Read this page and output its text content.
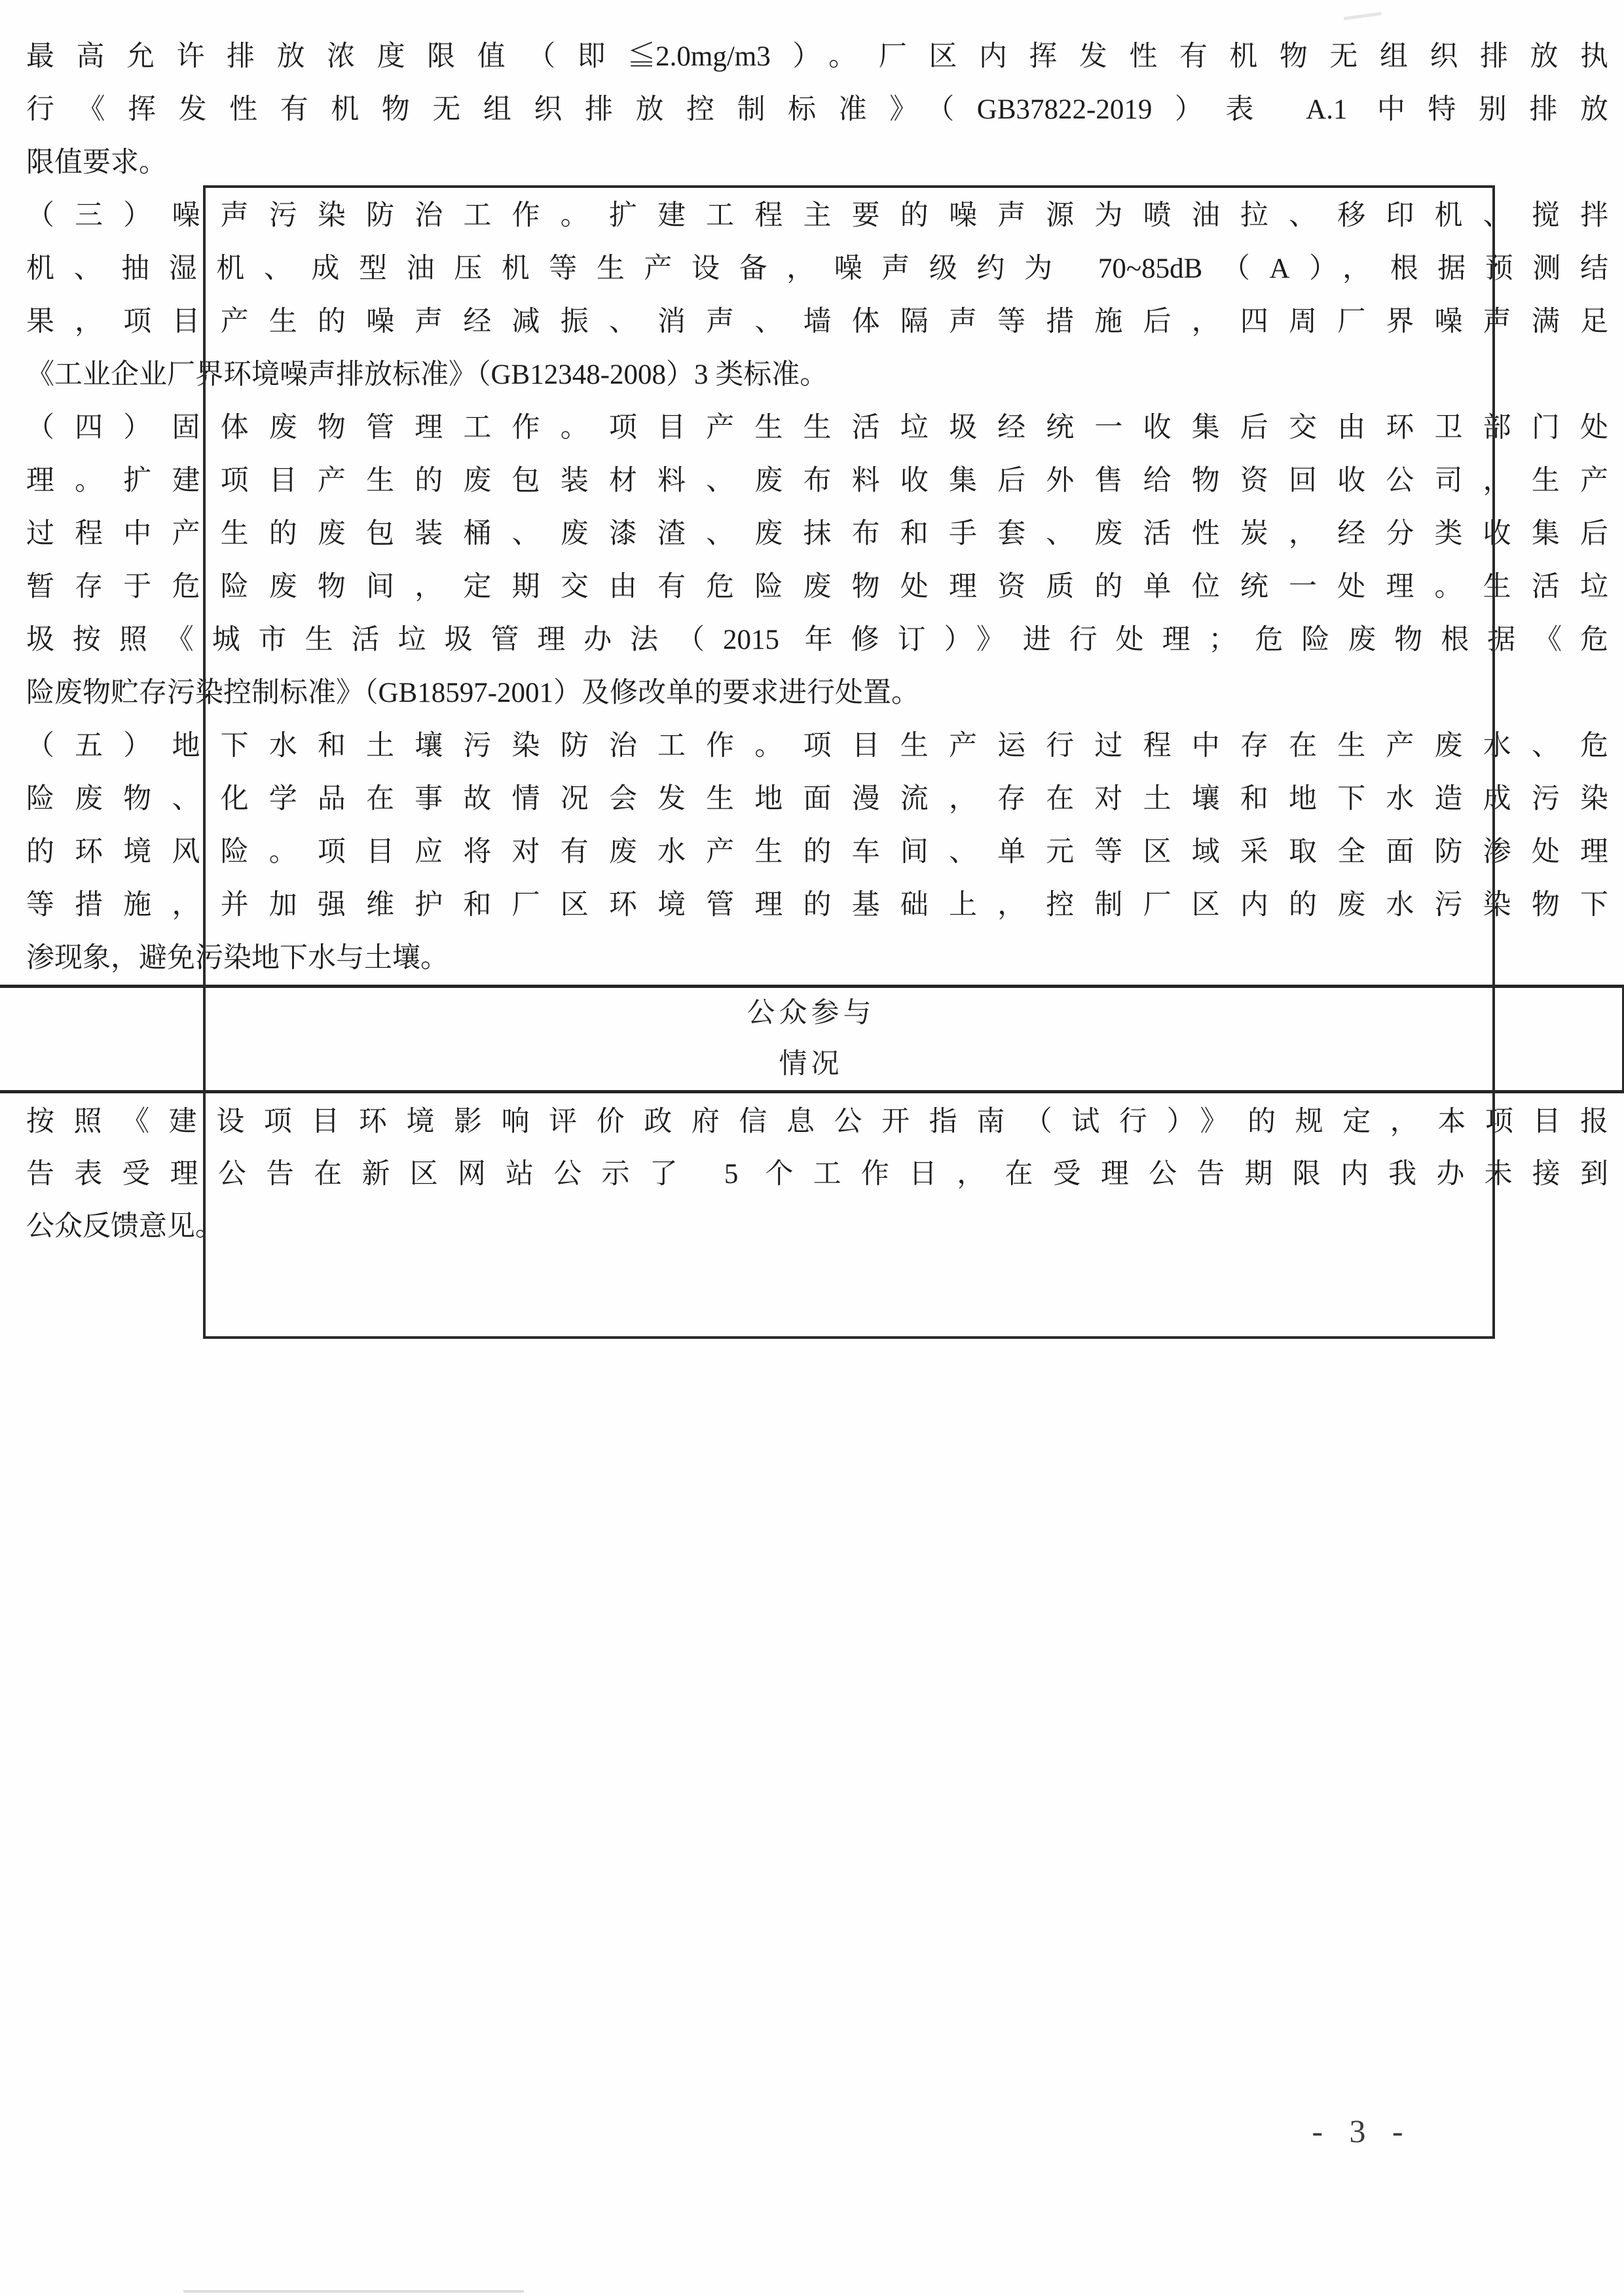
最高允许排放浓度限值（即≦2.0mg/m3）。厂区内挥发性有机物无组织排放执
行《挥发性有机物无组织排放控制标准》（GB37822-2019）表 A.1 中特别排放
限值要求。
（三）噪声污染防治工作。扩建工程主要的噪声源为喷油拉、移印机、搅拌
机、抽湿机、成型油压机等生产设备，噪声级约为 70~85dB（A），根据预测结
果，项目产生的噪声经减振、消声、墙体隔声等措施后，四周厂界噪声满足
《工业企业厂界环境噪声排放标准》（GB12348-2008）3 类标准。
（四）固体废物管理工作。项目产生生活垃圾经统一收集后交由环卫部门处
理。扩建项目产生的废包装材料、废布料收集后外售给物资回收公司，生产
过程中产生的废包装桶、废漆渣、废抹布和手套、废活性炭，经分类收集后
暂存于危险废物间，定期交由有危险废物处理资质的单位统一处理。生活垃
圾按照《城市生活垃圾管理办法（2015 年修订）》进行处理；危险废物根据《危
险废物贮存污染控制标准》（GB18597-2001）及修改单的要求进行处置。
（五）地下水和土壤污染防治工作。项目生产运行过程中存在生产废水、危
险废物、化学品在事故情况会发生地面漫流，存在对土壤和地下水造成污染
的环境风险。项目应将对有废水产生的车间、单元等区域采取全面防渗处理
等措施，并加强维护和厂区环境管理的基础上，控制厂区内的废水污染物下
渗现象，避免污染地下水与土壤。
公众参与
情况
按照《建设项目环境影响评价政府信息公开指南（试行）》的规定，本项目报
告表受理公告在新区网站公示了 5 个工作日，在受理公告期限内我办未接到
公众反馈意见。
- 3 -
